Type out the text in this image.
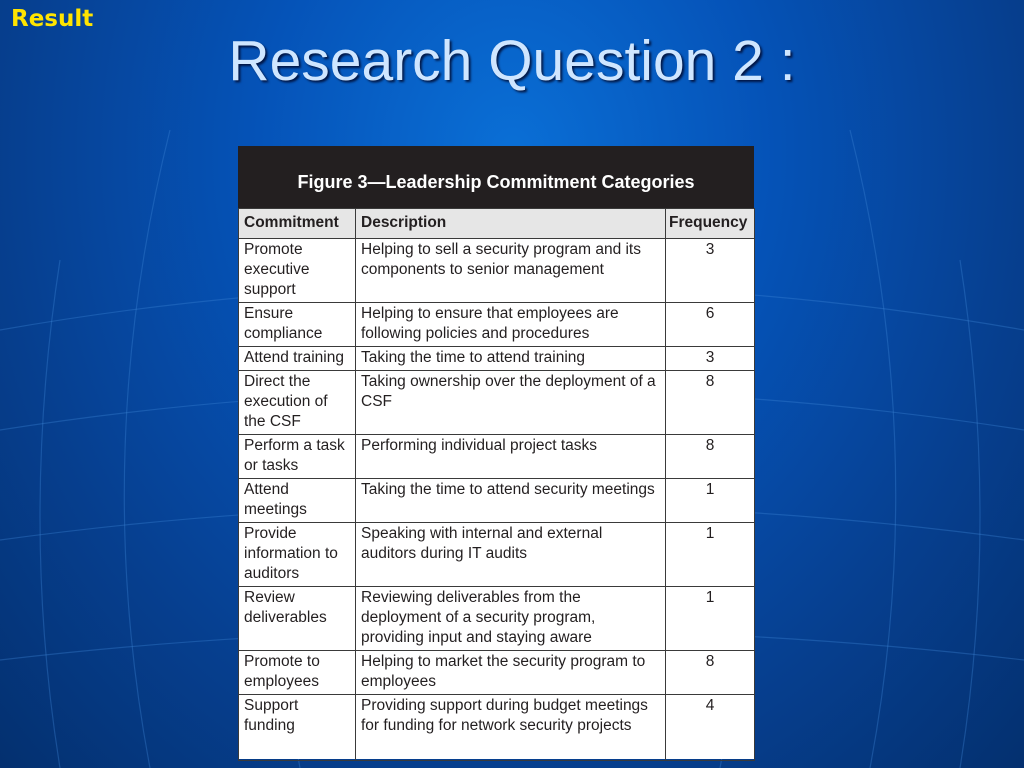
Result
Research Question 2 :
Figure 3—Leadership Commitment Categories
Commitment	Description	Frequency
Promote executive support	Helping to sell a security program and its components to senior management	3
Ensure compliance	Helping to ensure that employees are following policies and procedures	6
Attend training	Taking the time to attend training	3
Direct the execution of the CSF	Taking ownership over the deployment of a CSF	8
Perform a task or tasks	Performing individual project tasks	8
Attend meetings	Taking the time to attend security meetings	1
Provide information to auditors	Speaking with internal and external auditors during IT audits	1
Review deliverables	Reviewing deliverables from the deployment of a security program, providing input and staying aware	1
Promote to employees	Helping to market the security program to employees	8
Support funding	Providing support during budget meetings for funding for network security projects	4
